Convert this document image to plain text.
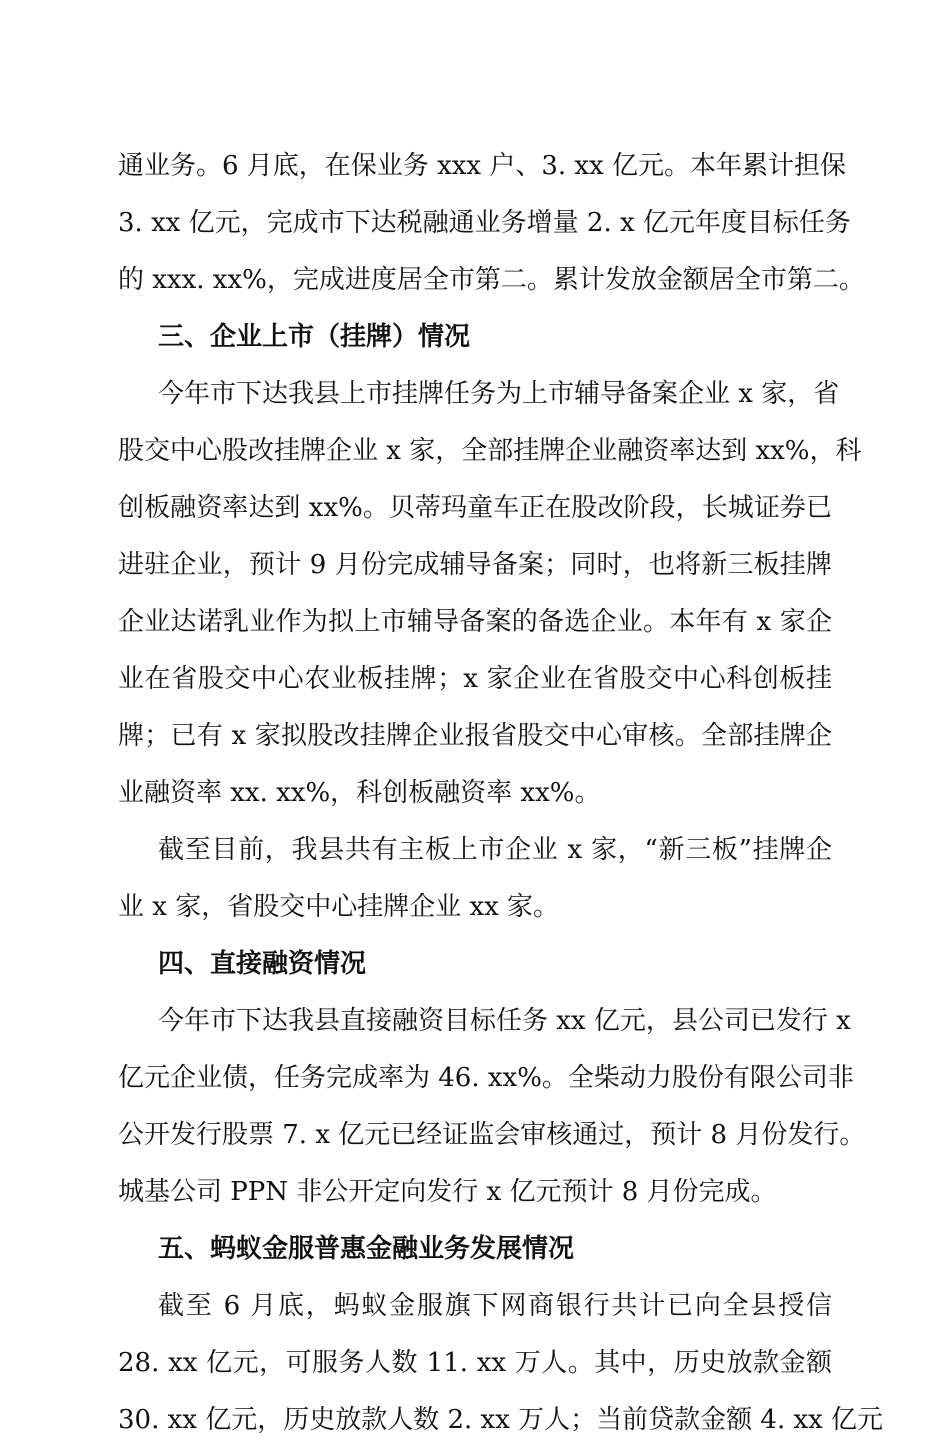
通业务。6 月底，在保业务 xxx 户、3. xx 亿元。本年累计担保
3. xx 亿元，完成市下达税融通业务增量 2. x 亿元年度目标任务
的 xxx. xx%，完成进度居全市第二。累计发放金额居全市第二。
三、企业上市（挂牌）情况
今年市下达我县上市挂牌任务为上市辅导备案企业 x 家，省
股交中心股改挂牌企业 x 家，全部挂牌企业融资率达到 xx%，科
创板融资率达到 xx%。贝蒂玛童车正在股改阶段，长城证券已
进驻企业，预计 9 月份完成辅导备案；同时，也将新三板挂牌
企业达诺乳业作为拟上市辅导备案的备选企业。本年有 x 家企
业在省股交中心农业板挂牌；x 家企业在省股交中心科创板挂
牌；已有 x 家拟股改挂牌企业报省股交中心审核。全部挂牌企
业融资率 xx. xx%，科创板融资率 xx%。
截至目前，我县共有主板上市企业 x 家，“新三板”挂牌企
业 x 家，省股交中心挂牌企业 xx 家。
四、直接融资情况
今年市下达我县直接融资目标任务 xx 亿元，县公司已发行 x
亿元企业债，任务完成率为 46. xx%。全柴动力股份有限公司非
公开发行股票 7. x 亿元已经证监会审核通过，预计 8 月份发行。
城基公司 PPN 非公开定向发行 x 亿元预计 8 月份完成。
五、蚂蚁金服普惠金融业务发展情况
截至 6 月底，蚂蚁金服旗下网商银行共计已向全县授信
28. xx 亿元，可服务人数 11. xx 万人。其中，历史放款金额
30. xx 亿元，历史放款人数 2. xx 万人；当前贷款金额 4. xx 亿元
